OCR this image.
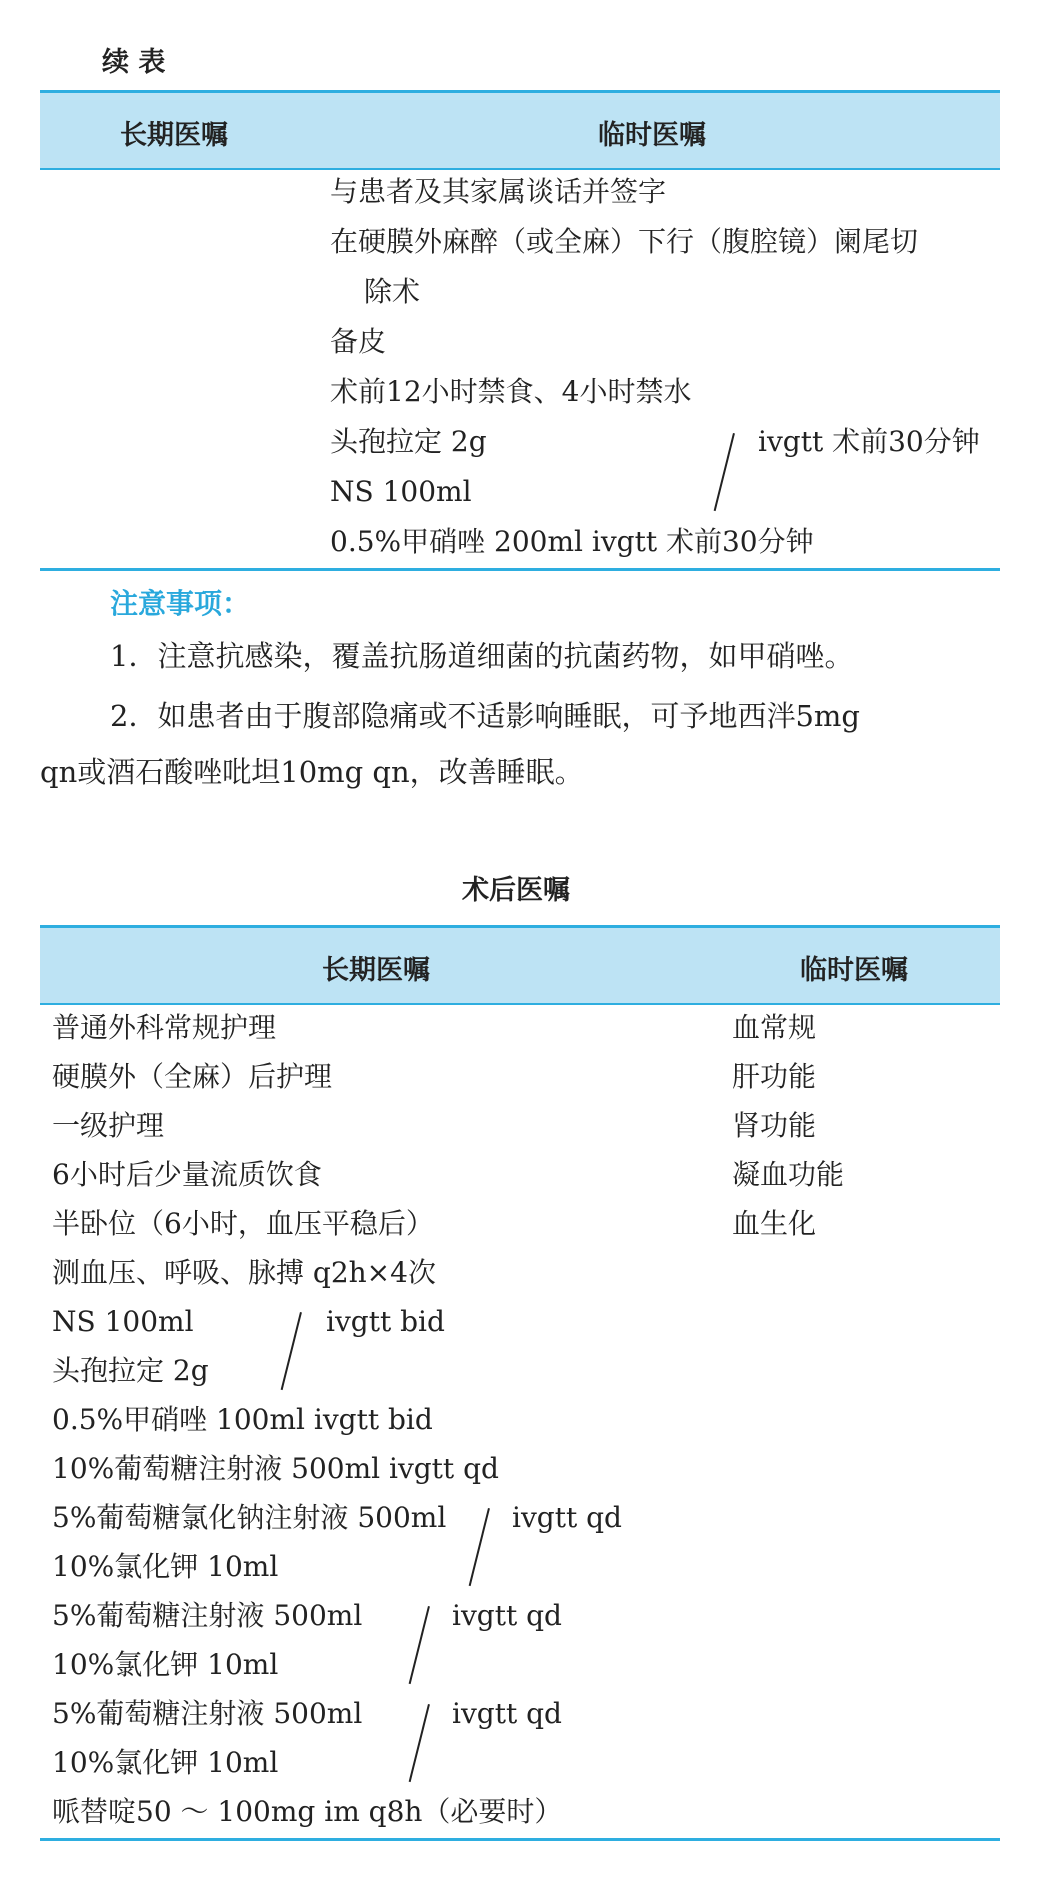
续 表
长期医嘱	临时医嘱
与患者及其家属谈话并签字
在硬膜外麻醉（或全麻）下行（腹腔镜）阑尾切
除术
备皮
术前12小时禁食、4小时禁水
头孢拉定 2g
NS 100ml
0.5%甲硝唑 200ml ivgtt 术前30分钟
ivgtt 术前30分钟
注意事项：
1．注意抗感染，覆盖抗肠道细菌的抗菌药物，如甲硝唑。
2．如患者由于腹部隐痛或不适影响睡眠，可予地西泮5mg
qn或酒石酸唑吡坦10mg qn，改善睡眠。
术后医嘱
长期医嘱	临时医嘱
普通外科常规护理
硬膜外（全麻）后护理
一级护理
6小时后少量流质饮食
半卧位（6小时，血压平稳后）
测血压、呼吸、脉搏 q2h×4次
NS 100ml
头孢拉定 2g
0.5%甲硝唑 100ml ivgtt bid
10%葡萄糖注射液 500ml ivgtt qd
5%葡萄糖氯化钠注射液 500ml
10%氯化钾 10ml
5%葡萄糖注射液 500ml
10%氯化钾 10ml
5%葡萄糖注射液 500ml
10%氯化钾 10ml
哌替啶50 ～ 100mg im q8h（必要时）
ivgtt bid
ivgtt qd
ivgtt qd
ivgtt qd
血常规
肝功能
肾功能
凝血功能
血生化
